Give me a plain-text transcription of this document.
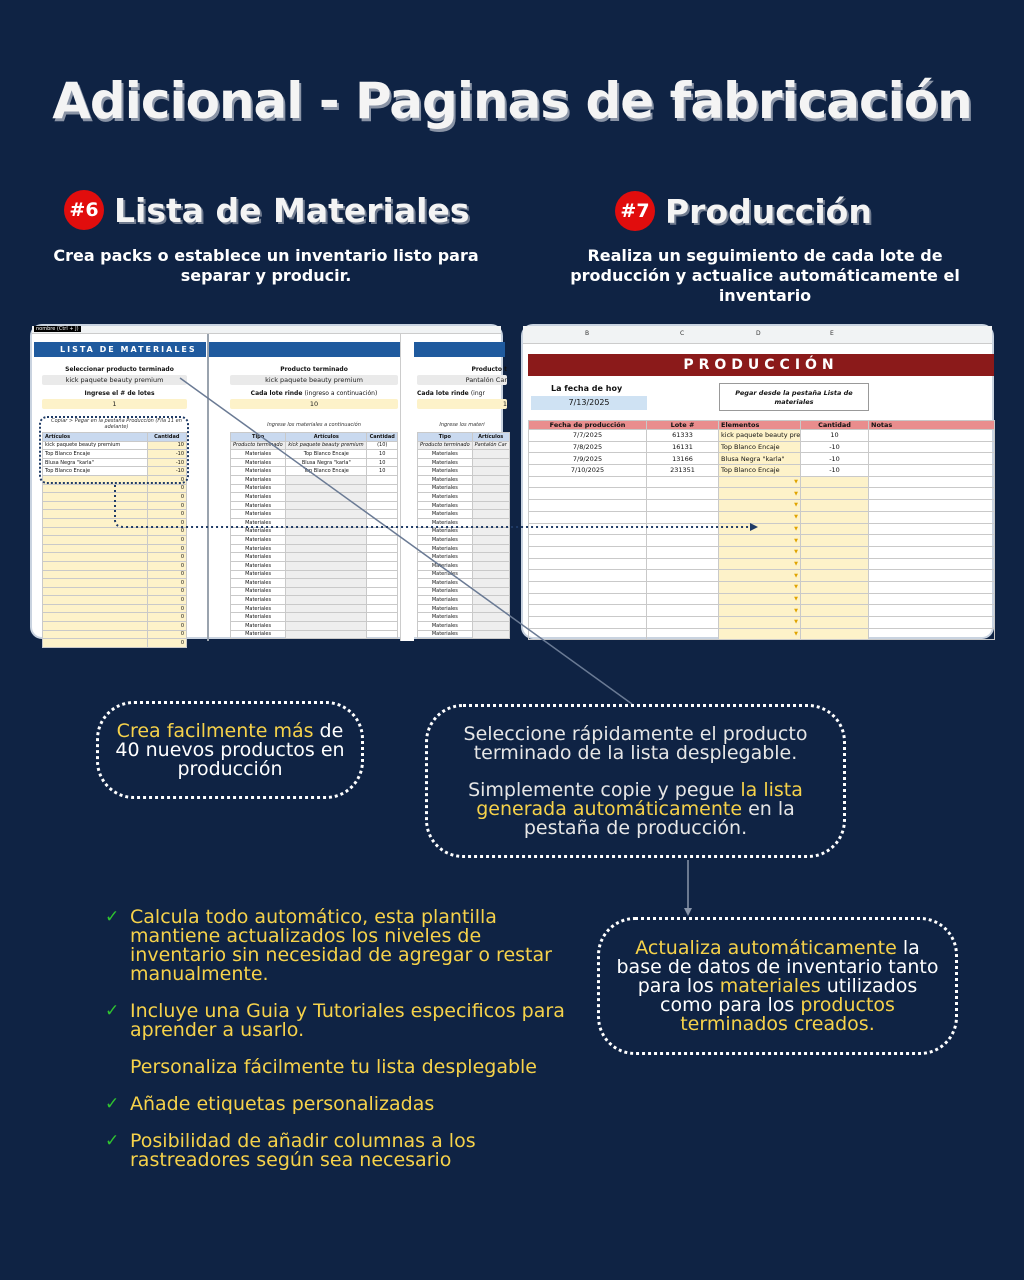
Adicional - Paginas de fabricación
#6 Lista de Materiales
Crea packs o establece un inventario listo para
separar y producir.
#7 Producción
Realiza un seguimiento de cada lote de
producción y actualice automáticamente el
inventario
nombre (Ctrl + J)
LISTA DE MATERIALES
Seleccionar producto terminado
kick paquete beauty premium
Ingrese el # de lotes
1
Copiar > Pegar en la pestaña Producción (Fila 11 en adelante)
Artículos	Cantidad
kick paquete beauty premium	10
Top Blanco Encaje	-10
Blusa Negra "karla"	-10
Top Blanco Encaje	-10
	0
	0
	0
	0
	0
	0
	0
	0
	0
	0
	0
	0
	0
	0
	0
	0
	0
	0
	0
	0
Producto terminado
kick paquete beauty premium
Cada lote rinde (ingreso a continuación)
10
Ingrese los materiales a continuación
Tipo	Artículos	Cantidad
Producto terminado	kick paquete beauty premium	(10)
Materiales	Top Blanco Encaje	10
Materiales	Blusa Negra "karla"	10
Materiales	Top Blanco Encaje	10
Materiales		
Materiales		
Materiales		
Materiales		
Materiales		
Materiales		
Materiales		
Materiales		
Materiales		
Materiales		
Materiales		
Materiales		
Materiales		
Materiales		
Materiales		
Materiales		
Materiales		
Materiales		
Materiales		
Producto t
Pantalón Car
Cada lote rinde (ingr
1
Ingrese los materi
Tipo	Artículos
Producto terminado	Pantalón Car
Materiales	
Materiales	
Materiales	
Materiales	
Materiales	
Materiales	
Materiales	
Materiales	
Materiales	
Materiales	
Materiales	
Materiales	
Materiales	
Materiales	
Materiales	
Materiales	
Materiales	
Materiales	
Materiales	
Materiales	
Materiales	
Materiales	
B	C	D	E
PRODUCCIÓN
La fecha de hoy
7/13/2025
Pegar desde la pestaña Lista de materiales
Fecha de producción	Lote #	Elementos	Cantidad	Notas
7/7/2025	61333	kick paquete beauty pre	10	
7/8/2025	16131	Top Blanco Encaje	-10	
7/9/2025	13166	Blusa Negra "karla"	-10	
7/10/2025	231351	Top Blanco Encaje	-10	

		▼		

		▼		

		▼		

		▼		

		▼		

		▼		

		▼		

		▼		

		▼		

		▼		

		▼		

		▼		

		▼		

		▼		

Crea facilmente más de
40 nuevos productos en
producción
Seleccione rápidamente el producto
terminado de la lista desplegable.
Simplemente copie y pegue la lista
generada automáticamente en la
pestaña de producción.
Actualiza automáticamente la
base de datos de inventario tanto
para los materiales utilizados
como para los productos
terminados creados.
✓ Calcula todo automático, esta plantilla mantiene actualizados los niveles de inventario sin necesidad de agregar o restar manualmente.
✓ Incluye una Guia y Tutoriales especificos para aprender a usarlo.
Personaliza fácilmente tu lista desplegable
✓ Añade etiquetas personalizadas
✓ Posibilidad de añadir columnas a los rastreadores según sea necesario
